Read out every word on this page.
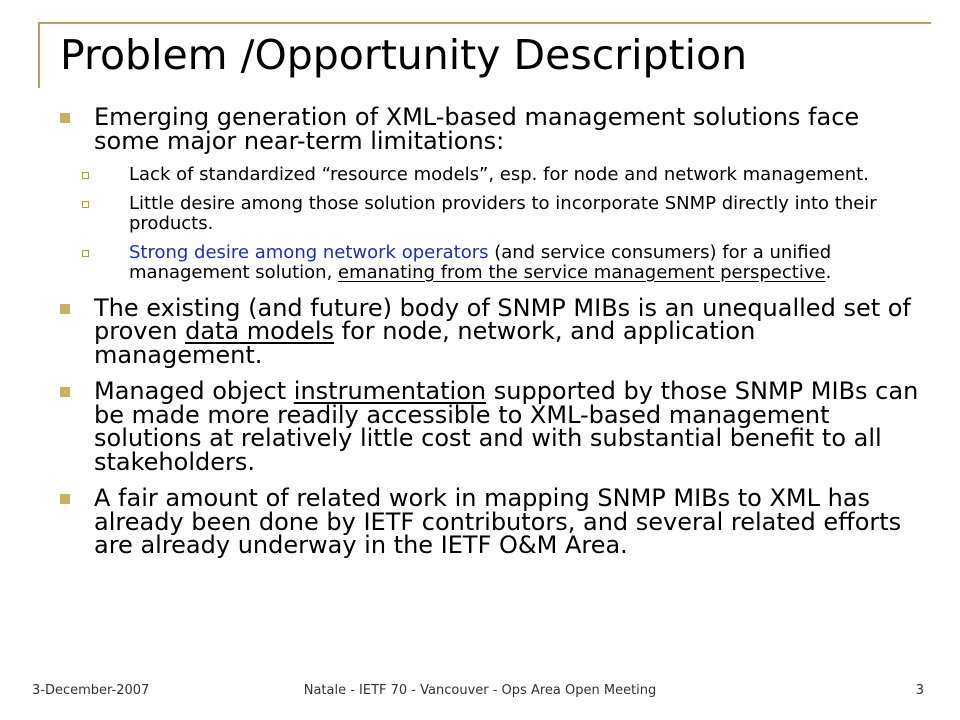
Problem /Opportunity Description
Emerging generation of XML-based management solutions face some major near-term limitations:
Lack of standardized “resource models”, esp. for node and network management.
Little desire among those solution providers to incorporate SNMP directly into their products.
Strong desire among network operators (and service consumers) for a unified management solution, emanating from the service management perspective.
The existing (and future) body of SNMP MIBs is an unequalled set of proven data models for node, network, and application management.
Managed object instrumentation supported by those SNMP MIBs can be made more readily accessible to XML-based management solutions at relatively little cost and with substantial benefit to all stakeholders.
A fair amount of related work in mapping SNMP MIBs to XML has already been done by IETF contributors, and several related efforts are already underway in the IETF O&M Area.
3-December-2007	Natale - IETF 70 - Vancouver - Ops Area Open Meeting	3
